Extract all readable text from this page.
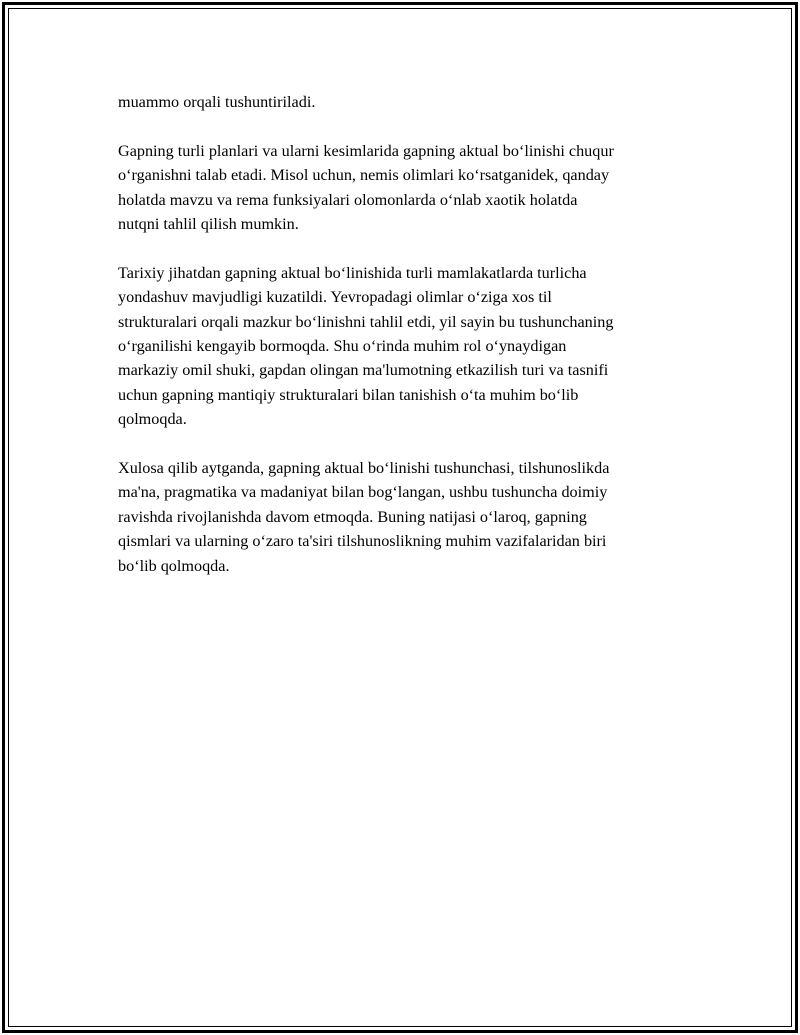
muammo orqali tushuntiriladi.

Gapning turli planlari va ularni kesimlarida gapning aktual bo‘linishi chuqur
o‘rganishni talab etadi. Misol uchun, nemis olimlari ko‘rsatganidek, qanday
holatda mavzu va rema funksiyalari olomonlarda o‘nlab xaotik holatda
nutqni tahlil qilish mumkin.

Tarixiy jihatdan gapning aktual bo‘linishida turli mamlakatlarda turlicha
yondashuv mavjudligi kuzatildi. Yevropadagi olimlar o‘ziga xos til
strukturalari orqali mazkur bo‘linishni tahlil etdi, yil sayin bu tushunchaning
o‘rganilishi kengayib bormoqda. Shu o‘rinda muhim rol o‘ynaydigan
markaziy omil shuki, gapdan olingan ma'lumotning etkazilish turi va tasnifi
uchun gapning mantiqiy strukturalari bilan tanishish o‘ta muhim bo‘lib
qolmoqda.

Xulosa qilib aytganda, gapning aktual bo‘linishi tushunchasi, tilshunoslikda
ma'na, pragmatika va madaniyat bilan bog‘langan, ushbu tushuncha doimiy
ravishda rivojlanishda davom etmoqda. Buning natijasi o‘laroq, gapning
qismlari va ularning o‘zaro ta'siri tilshunoslikning muhim vazifalaridan biri
bo‘lib qolmoqda.
